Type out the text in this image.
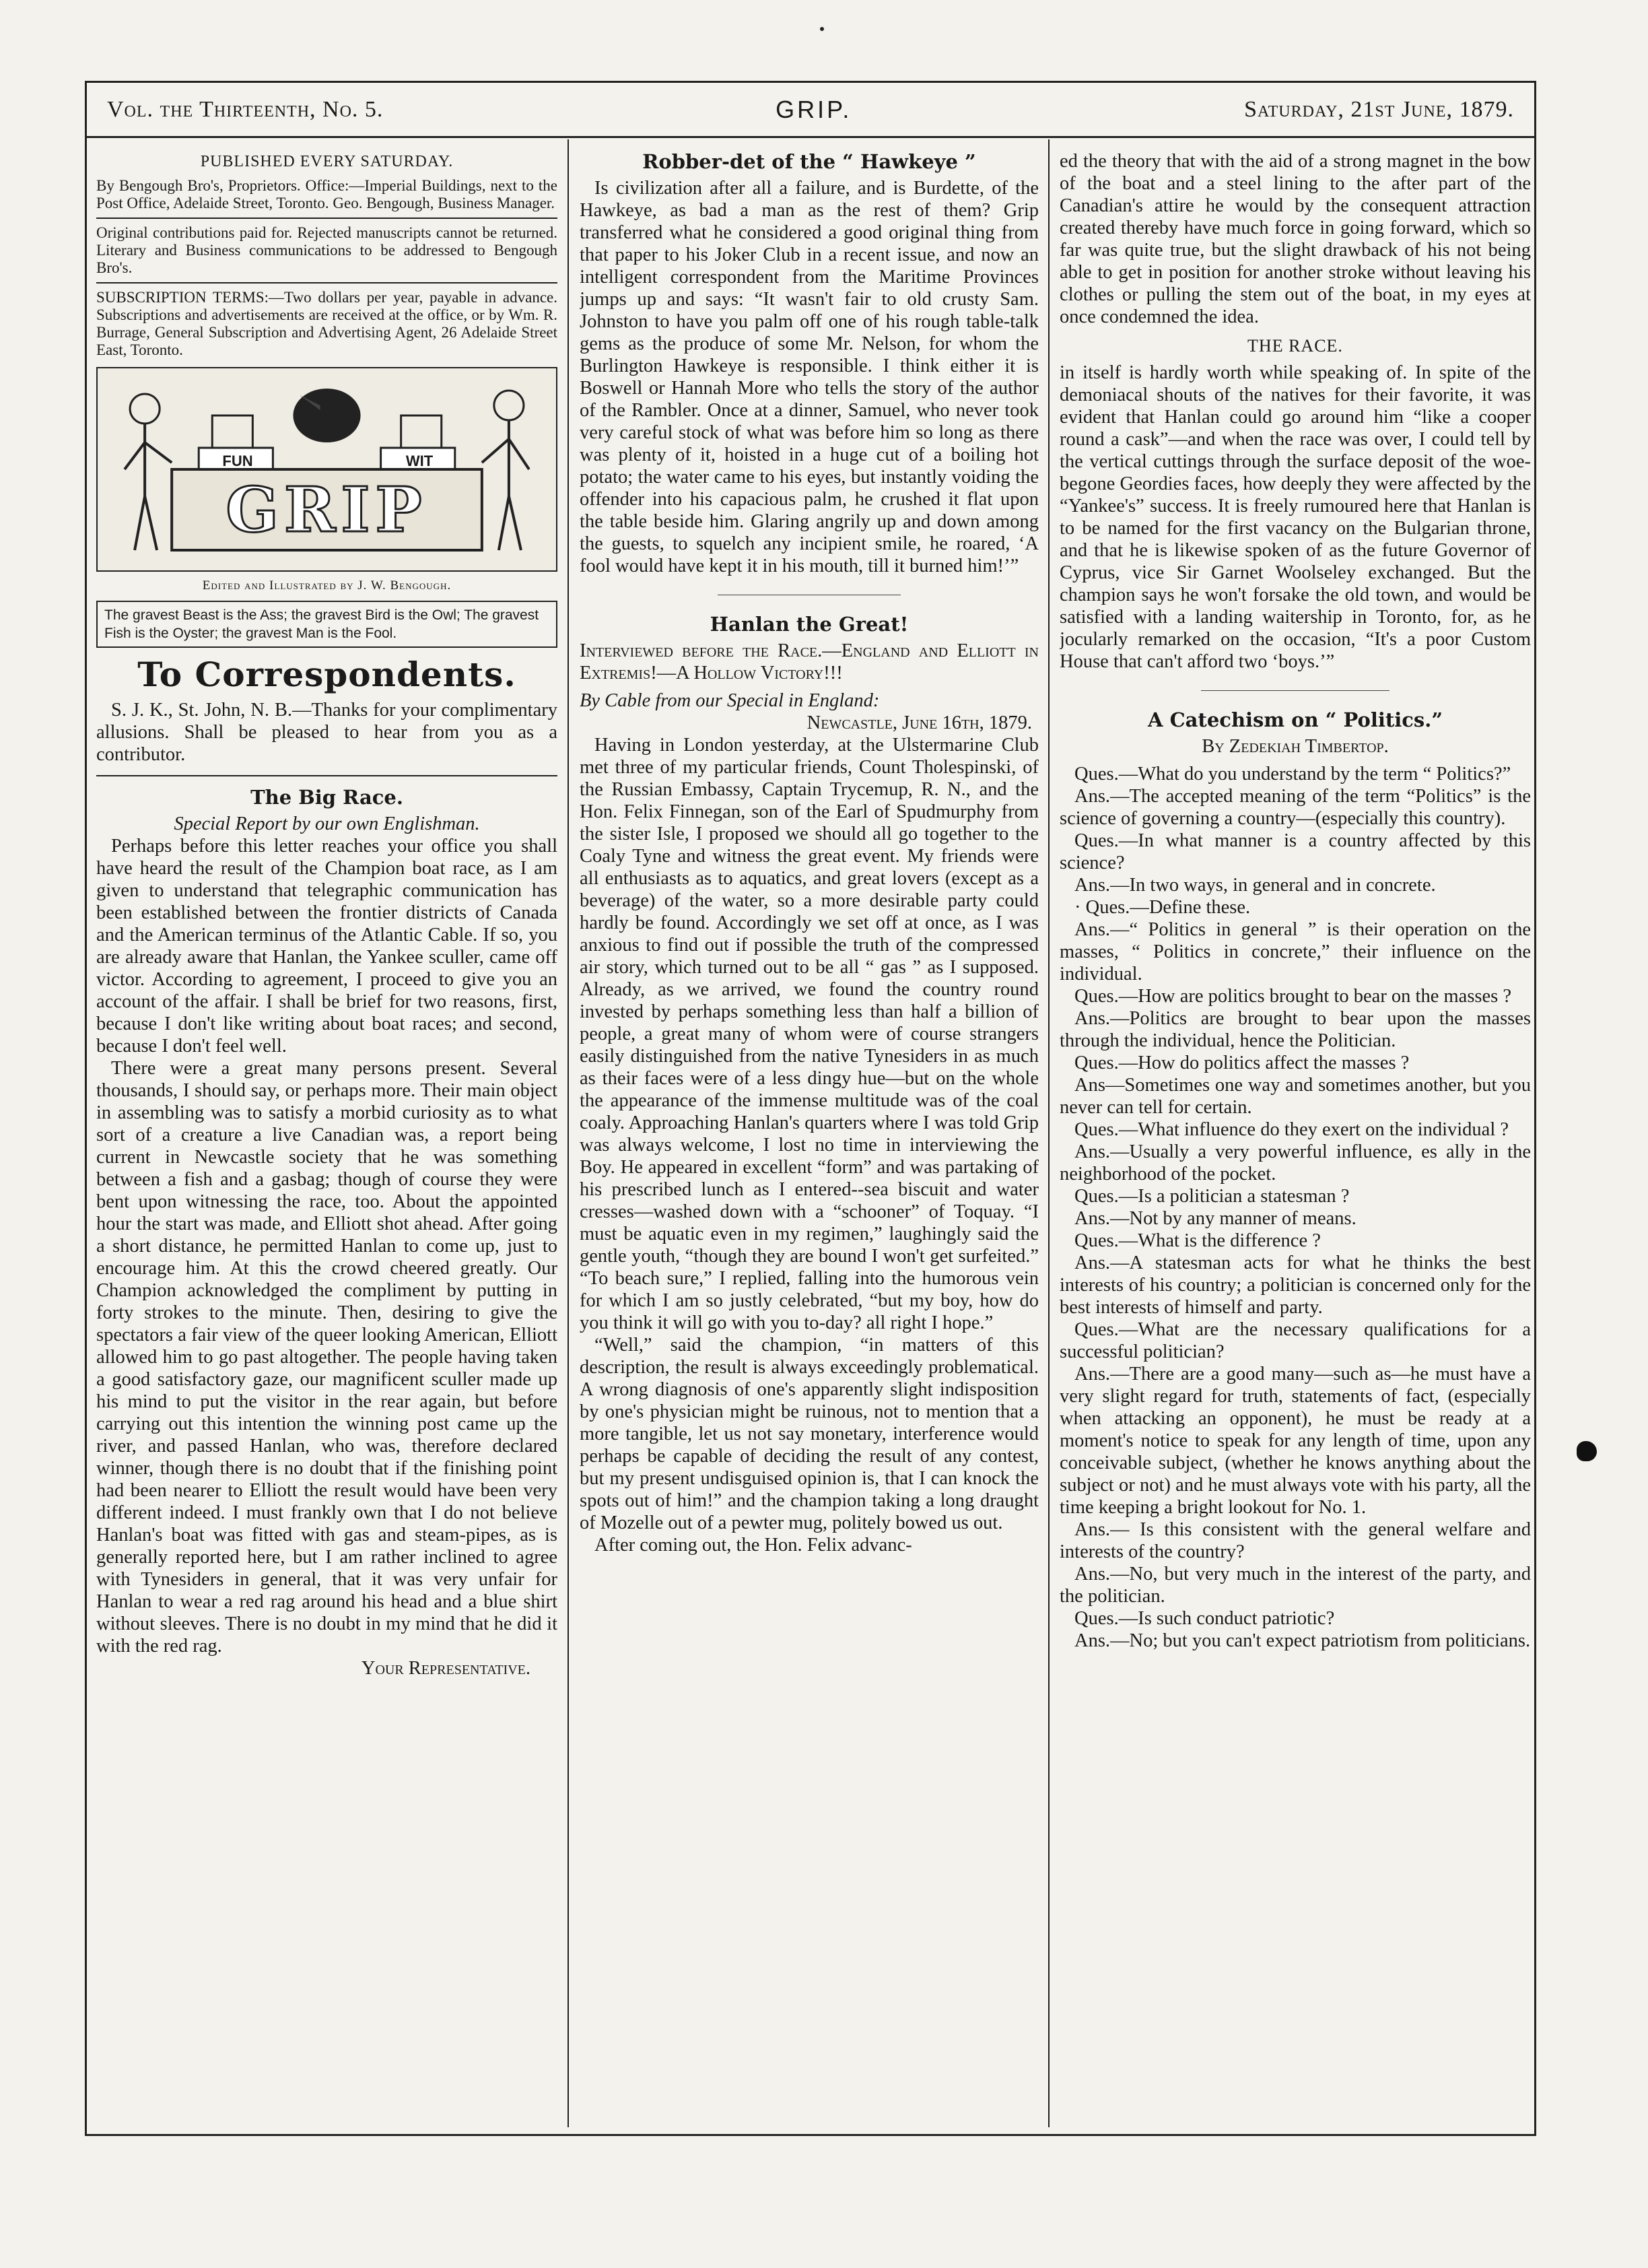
Vol. the Thirteenth, No. 5.	GRIP.	Saturday, 21st June, 1879.
PUBLISHED EVERY SATURDAY.

By Bengough Bro's, Proprietors. Office:—Imperial Buildings, next to the Post Office, Adelaide Street, Toronto. Geo. Bengough, Business Manager.

Original contributions paid for. Rejected manuscripts cannot be returned. Literary and Business communications to be addressed to Bengough Bro's.

SUBSCRIPTION TERMS:—Two dollars per year, payable in advance. Subscriptions and advertisements are received at the office, or by Wm. R. Burrage, General Subscription and Advertising Agent, 26 Adelaide Street East, Toronto.

FUN	WIT
GRIP
Edited and Illustrated by J. W. Bengough.
The gravest Beast is the Ass; the gravest Bird is the Owl; The gravest Fish is the Oyster; the gravest Man is the Fool.
To Correspondents.

S. J. K., St. John, N. B.—Thanks for your complimentary allusions. Shall be pleased to hear from you as a contributor.

The Big Race.
Special Report by our own Englishman.

Perhaps before this letter reaches your office you shall have heard the result of the Champion boat race, as I am given to understand that telegraphic communication has been established between the frontier districts of Canada and the American terminus of the Atlantic Cable. If so, you are already aware that Hanlan, the Yankee sculler, came off victor. According to agreement, I proceed to give you an account of the affair. I shall be brief for two reasons, first, because I don't like writing about boat races; and second, because I don't feel well.

There were a great many persons present. Several thousands, I should say, or perhaps more. Their main object in assembling was to satisfy a morbid curiosity as to what sort of a creature a live Canadian was, a report being current in Newcastle society that he was something between a fish and a gasbag; though of course they were bent upon witnessing the race, too. About the appointed hour the start was made, and Elliott shot ahead. After going a short distance, he permitted Hanlan to come up, just to encourage him. At this the crowd cheered greatly. Our Champion acknowledged the compliment by putting in forty strokes to the minute. Then, desiring to give the spectators a fair view of the queer looking American, Elliott allowed him to go past altogether. The people having taken a good satisfactory gaze, our magnificent sculler made up his mind to put the visitor in the rear again, but before carrying out this intention the winning post came up the river, and passed Hanlan, who was, therefore declared winner, though there is no doubt that if the finishing point had been nearer to Elliott the result would have been very different indeed. I must frankly own that I do not believe Hanlan's boat was fitted with gas and steam-pipes, as is generally reported here, but I am rather inclined to agree with Tynesiders in general, that it was very unfair for Hanlan to wear a red rag around his head and a blue shirt without sleeves. There is no doubt in my mind that he did it with the red rag.

Your Representative.
Robber-det of the “ Hawkeye ”

Is civilization after all a failure, and is Burdette, of the Hawkeye, as bad a man as the rest of them? Grip transferred what he considered a good original thing from that paper to his Joker Club in a recent issue, and now an intelligent correspondent from the Maritime Provinces jumps up and says: “It wasn't fair to old crusty Sam. Johnston to have you palm off one of his rough table-talk gems as the produce of some Mr. Nelson, for whom the Burlington Hawkeye is responsible. I think either it is Boswell or Hannah More who tells the story of the author of the Rambler. Once at a dinner, Samuel, who never took very careful stock of what was before him so long as there was plenty of it, hoisted in a huge cut of a boiling hot potato; the water came to his eyes, but instantly voiding the offender into his capacious palm, he crushed it flat upon the table beside him. Glaring angrily up and down among the guests, to squelch any incipient smile, he roared, ‘A fool would have kept it in his mouth, till it burned him!’”

Hanlan the Great!

Interviewed before the Race.—England and Elliott in Extremis!—A Hollow Victory!!!

By Cable from our Special in England:
Newcastle, June 16th, 1879.

Having in London yesterday, at the Ulstermarine Club met three of my particular friends, Count Tholespinski, of the Russian Embassy, Captain Trycemup, R. N., and the Hon. Felix Finnegan, son of the Earl of Spudmurphy from the sister Isle, I proposed we should all go together to the Coaly Tyne and witness the great event. My friends were all enthusiasts as to aquatics, and great lovers (except as a beverage) of the water, so a more desirable party could hardly be found. Accordingly we set off at once, as I was anxious to find out if possible the truth of the compressed air story, which turned out to be all “ gas ” as I supposed. Already, as we arrived, we found the country round invested by perhaps something less than half a billion of people, a great many of whom were of course strangers easily distinguished from the native Tynesiders in as much as their faces were of a less dingy hue—but on the whole the appearance of the immense multitude was of the coal coaly. Approaching Hanlan's quarters where I was told Grip was always welcome, I lost no time in interviewing the Boy. He appeared in excellent “form” and was partaking of his prescribed lunch as I entered--sea biscuit and water cresses—washed down with a “schooner” of Toquay. “I must be aquatic even in my regimen,” laughingly said the gentle youth, “though they are bound I won't get surfeited.” “To beach sure,” I replied, falling into the humorous vein for which I am so justly celebrated, “but my boy, how do you think it will go with you to-day? all right I hope.”

“Well,” said the champion, “in matters of this description, the result is always exceedingly problematical. A wrong diagnosis of one's apparently slight indisposition by one's physician might be ruinous, not to mention that a more tangible, let us not say monetary, interference would perhaps be capable of deciding the result of any contest, but my present undisguised opinion is, that I can knock the spots out of him!” and the champion taking a long draught of Mozelle out of a pewter mug, politely bowed us out.

After coming out, the Hon. Felix advanc-

ed the theory that with the aid of a strong magnet in the bow of the boat and a steel lining to the after part of the Canadian's attire he would by the consequent attraction created thereby have much force in going forward, which so far was quite true, but the slight drawback of his not being able to get in position for another stroke without leaving his clothes or pulling the stem out of the boat, in my eyes at once condemned the idea.

THE RACE.

in itself is hardly worth while speaking of. In spite of the demoniacal shouts of the natives for their favorite, it was evident that Hanlan could go around him “like a cooper round a cask”—and when the race was over, I could tell by the vertical cuttings through the surface deposit of the woe-begone Geordies faces, how deeply they were affected by the “Yankee's” success. It is freely rumoured here that Hanlan is to be named for the first vacancy on the Bulgarian throne, and that he is likewise spoken of as the future Governor of Cyprus, vice Sir Garnet Woolseley exchanged. But the champion says he won't forsake the old town, and would be satisfied with a landing waitership in Toronto, for, as he jocularly remarked on the occasion, “It's a poor Custom House that can't afford two ‘boys.’”

A Catechism on “ Politics.”
By Zedekiah Timbertop.

Ques.—What do you understand by the term “ Politics?”

Ans.—The accepted meaning of the term “Politics” is the science of governing a country—(especially this country).

Ques.—In what manner is a country affected by this science?

Ans.—In two ways, in general and in concrete.

· Ques.—Define these.

Ans.—“ Politics in general ” is their operation on the masses, “ Politics in concrete,” their influence on the individual.

Ques.—How are politics brought to bear on the masses ?

Ans.—Politics are brought to bear upon the masses through the individual, hence the Politician.

Ques.—How do politics affect the masses ?

Ans—Sometimes one way and sometimes another, but you never can tell for certain.

Ques.—What influence do they exert on the individual ?

Ans.—Usually a very powerful influence, es ally in the neighborhood of the pocket.

Ques.—Is a politician a statesman ?

Ans.—Not by any manner of means.

Ques.—What is the difference ?

Ans.—A statesman acts for what he thinks the best interests of his country; a politician is concerned only for the best interests of himself and party.

Ques.—What are the necessary qualifications for a successful politician?

Ans.—There are a good many—such as—he must have a very slight regard for truth, statements of fact, (especially when attacking an opponent), he must be ready at a moment's notice to speak for any length of time, upon any conceivable subject, (whether he knows anything about the subject or not) and he must always vote with his party, all the time keeping a bright lookout for No. 1.

Ans.— Is this consistent with the general welfare and interests of the country?

Ans.—No, but very much in the interest of the party, and the politician.

Ques.—Is such conduct patriotic?

Ans.—No; but you can't expect patriotism from politicians.
